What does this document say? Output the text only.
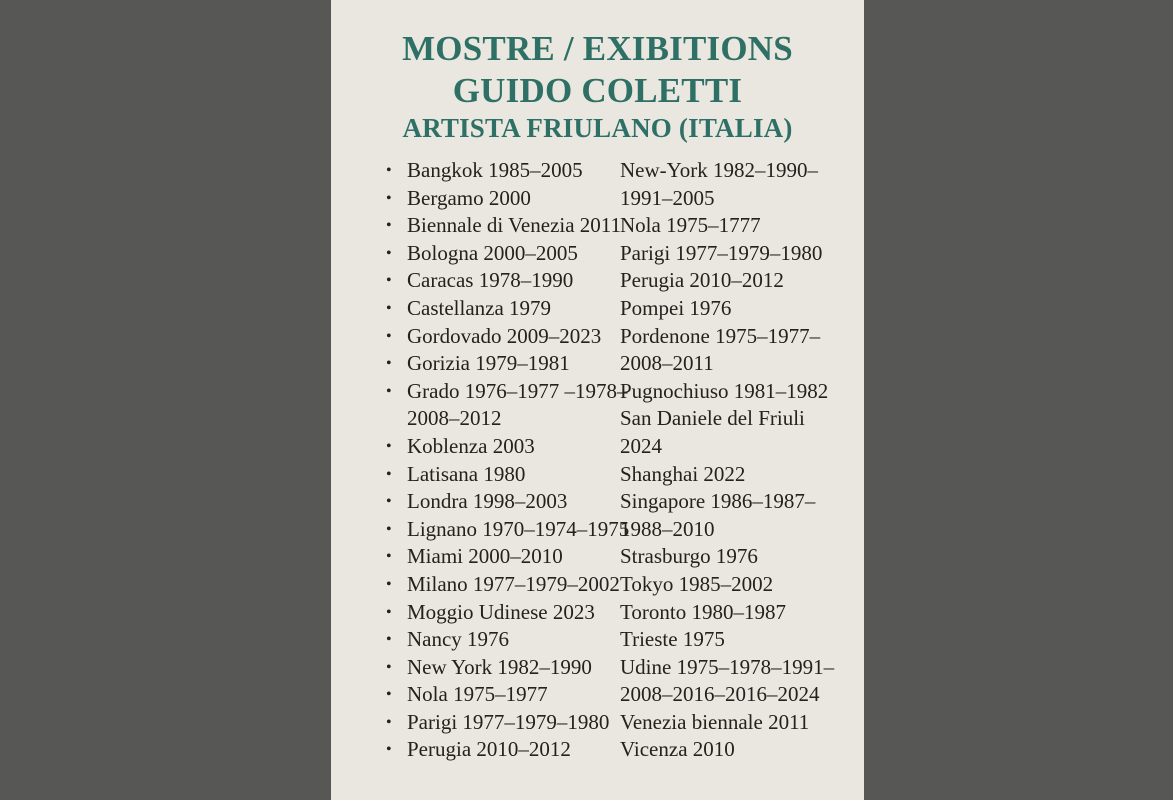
MOSTRE / EXIBITIONS
GUIDO COLETTI
ARTISTA FRIULANO (ITALIA)
• Bangkok 1985–2005
• Bergamo 2000
• Biennale di Venezia 2011
• Bologna 2000–2005
• Caracas 1978–1990
• Castellanza 1979
• Gordovado 2009–2023
• Gorizia 1979–1981
• Grado 1976–1977 –1978–
2008–2012
• Koblenza 2003
• Latisana 1980
• Londra 1998–2003
• Lignano 1970–1974–1975
• Miami 2000–2010
• Milano 1977–1979–2002
• Moggio Udinese 2023
• Nancy 1976
• New York 1982–1990
• Nola 1975–1977
• Parigi 1977–1979–1980
• Perugia 2010–2012
New-York 1982–1990–
1991–2005
Nola 1975–1777
Parigi 1977–1979–1980
Perugia 2010–2012
Pompei 1976
Pordenone 1975–1977–
2008–2011
Pugnochiuso 1981–1982
San Daniele del Friuli
2024
Shanghai 2022
Singapore 1986–1987–
1988–2010
Strasburgo 1976
Tokyo 1985–2002
Toronto 1980–1987
Trieste 1975
Udine 1975–1978–1991–
2008–2016–2016–2024
Venezia biennale 2011
Vicenza 2010
